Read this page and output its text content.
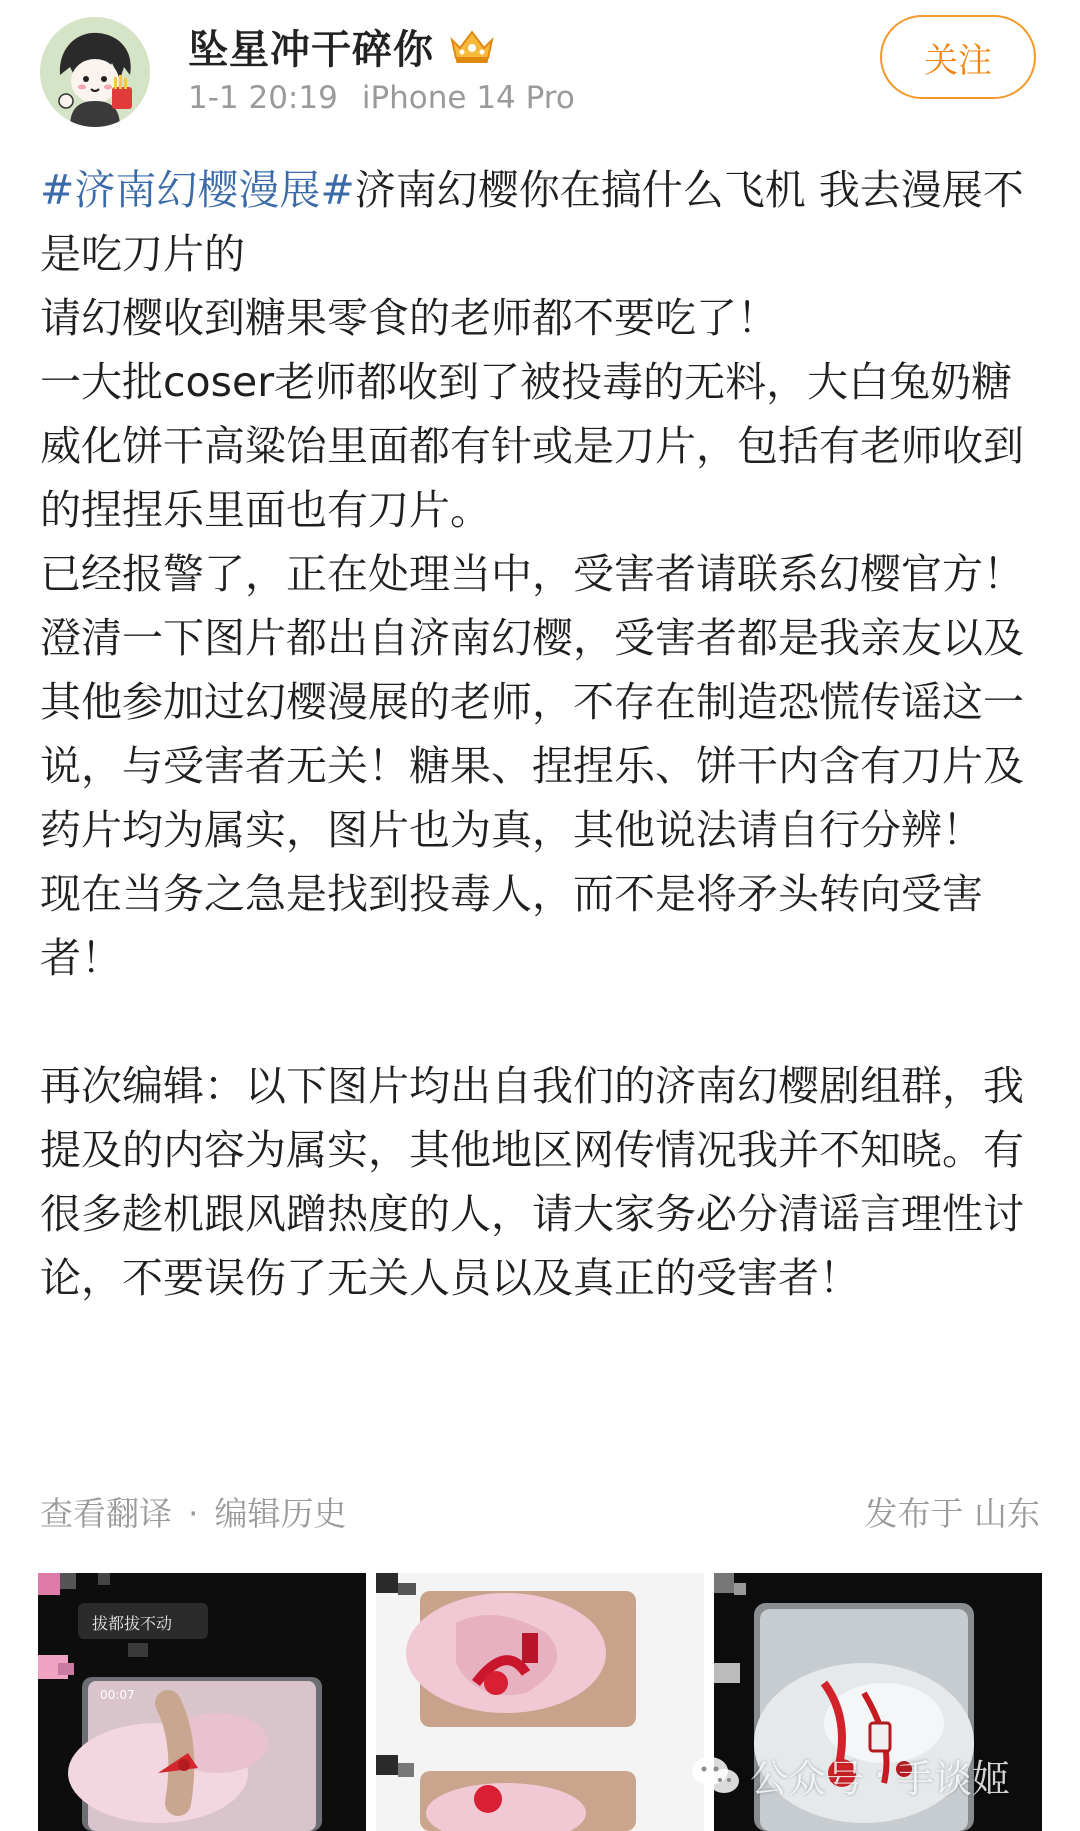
坠星冲干碎你
1-1 20:19 iPhone 14 Pro
关注

#济南幻樱漫展#济南幻樱你在搞什么飞机 我去漫展不是吃刀片的

请幻樱收到糖果零食的老师都不要吃了！

一大批coser老师都收到了被投毒的无料，大白兔奶糖威化饼干高粱饴里面都有针或是刀片，包括有老师收到的捏捏乐里面也有刀片。

已经报警了，正在处理当中，受害者请联系幻樱官方！

澄清一下图片都出自济南幻樱，受害者都是我亲友以及其他参加过幻樱漫展的老师，不存在制造恐慌传谣这一说，与受害者无关！糖果、捏捏乐、饼干内含有刀片及药片均为属实，图片也为真，其他说法请自行分辨！

现在当务之急是找到投毒人，而不是将矛头转向受害者！

再次编辑：以下图片均出自我们的济南幻樱剧组群，我提及的内容为属实，其他地区网传情况我并不知晓。有很多趁机跟风蹭热度的人，请大家务必分清谣言理性讨论，不要误伤了无关人员以及真正的受害者！

查看翻译 · 编辑历史	发布于 山东
拔都拔不动
00:07
公众号 · 手谈姬
